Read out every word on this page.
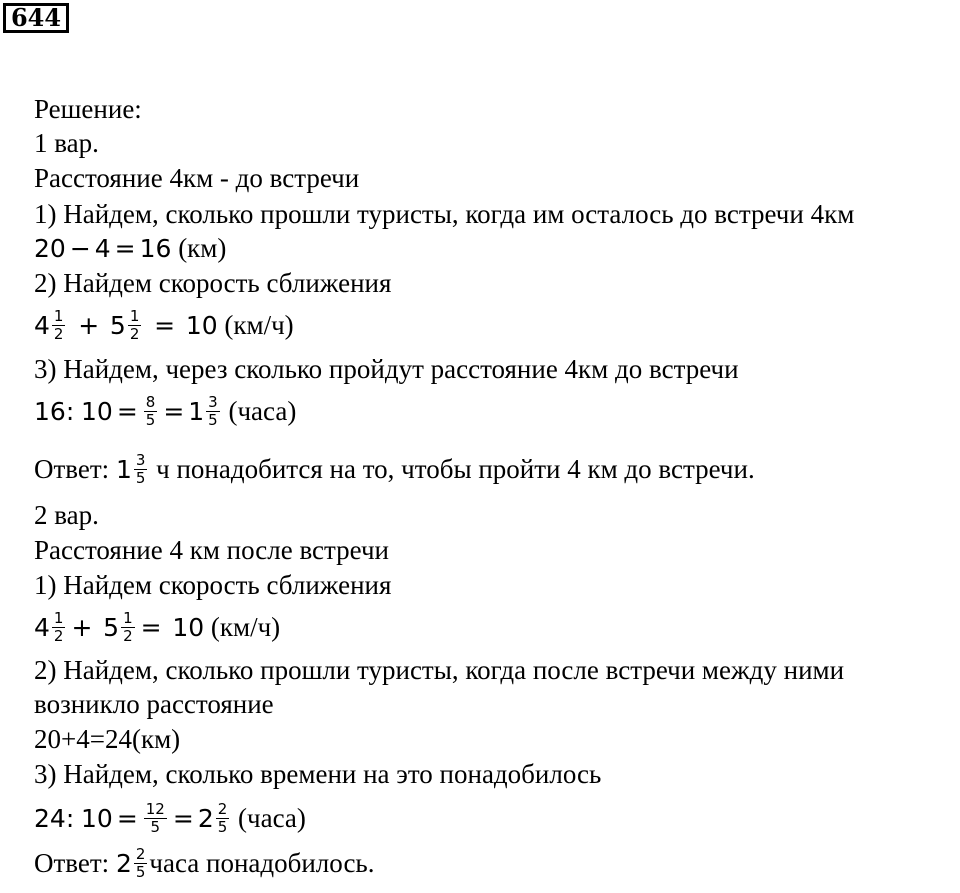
644
Решение:
1 вар.
Расстояние 4км - до встречи
1) Найдем, сколько прошли туристы, когда им осталось до встречи 4км
20 − 4 = 16 (км)
2) Найдем скорость сближения
$4 \frac{1}{2} + 5 \frac{1}{2} = 10$ (км/ч)
3) Найдем, через сколько пройдут расстояние 4км до встречи
16: $10 = \frac{8}{5} = 1 \frac{3}{5}$ (часа)
Ответ: $1 \frac{3}{5}$ ч понадобится на то, чтобы пройти 4 км до встречи.
2 вар.
Расстояние 4 км после встречи
1) Найдем скорость сближения
$4 \frac{1}{2} + 5 \frac{1}{2} = 10$ (км/ч)
2) Найдем, сколько прошли туристы, когда после встречи между ними
возникло расстояние
20+4=24(км)
3) Найдем, сколько времени на это понадобилось
24: $10 = \frac{12}{5} = 2 \frac{2}{5}$ (часа)
Ответ: $2 \frac{2}{5}$ часа понадобилось.
